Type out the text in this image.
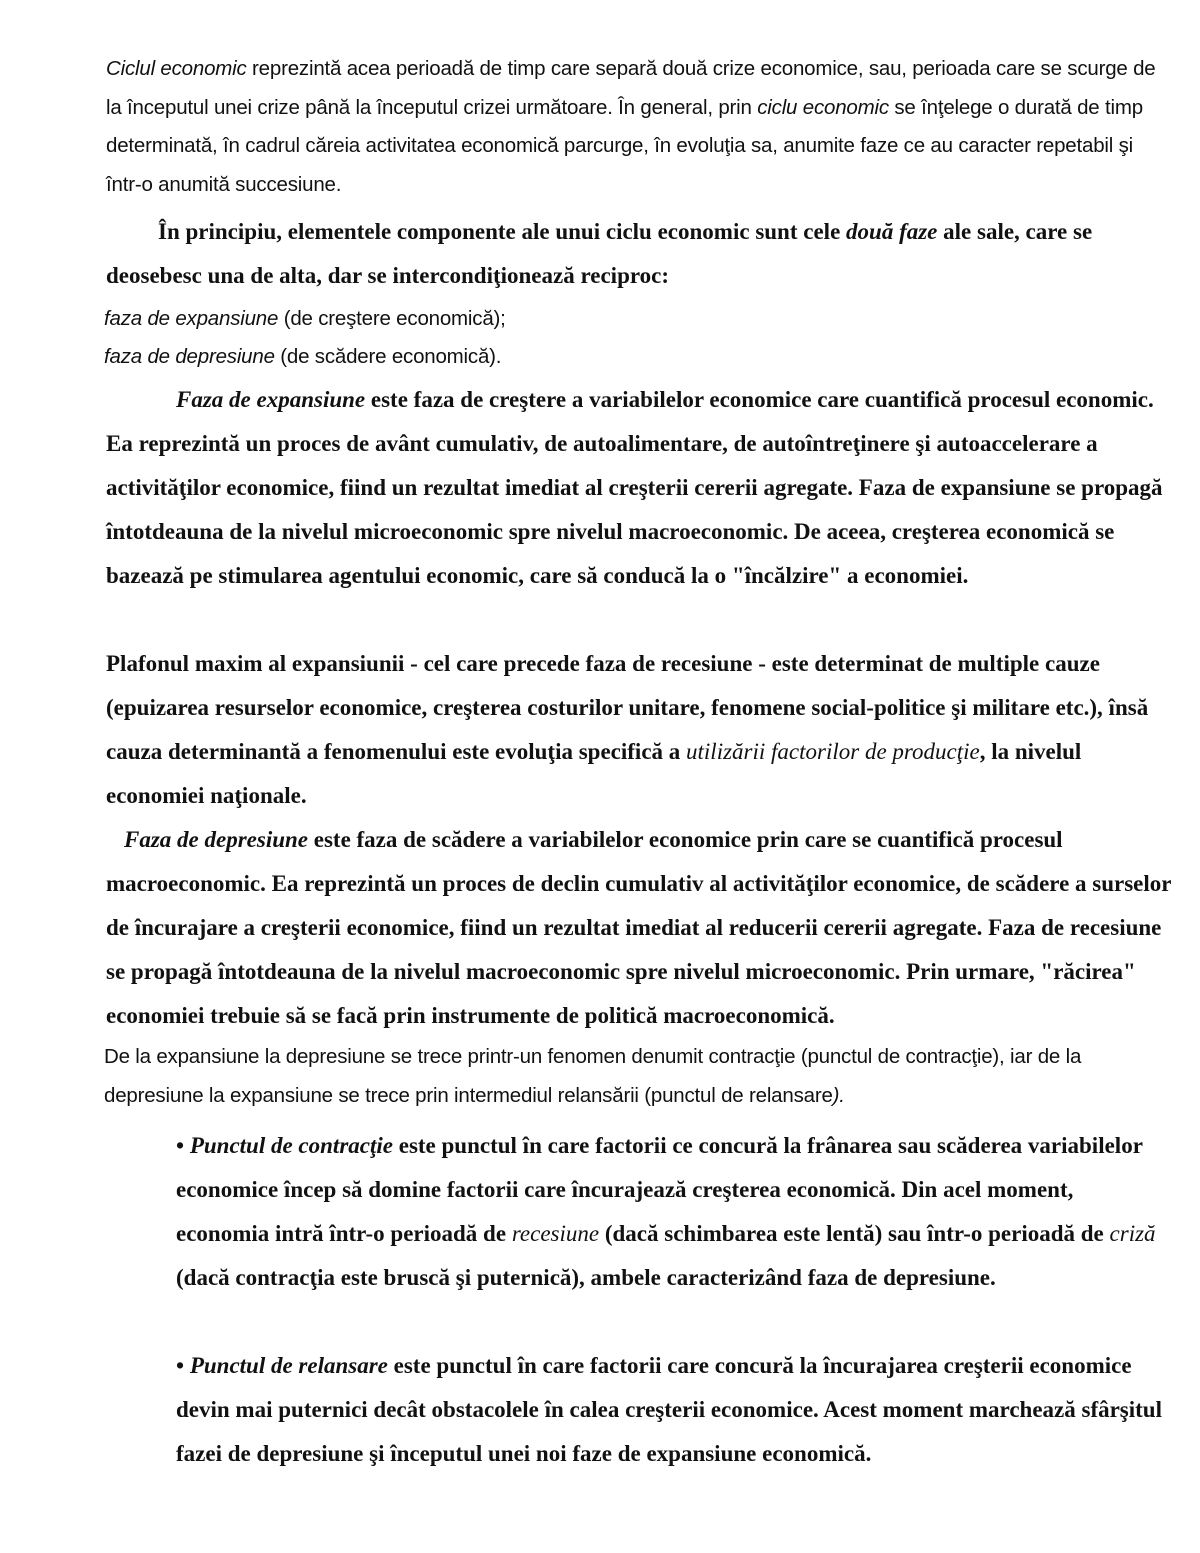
Ciclul economic reprezintă acea perioadă de timp care separă două crize economice, sau, perioada care se scurge de la începutul unei crize până la începutul crizei următoare. În general, prin ciclu economic se înţelege o durată de timp determinată, în cadrul căreia activitatea economică parcurge, în evoluţia sa, anumite faze ce au caracter repetabil şi într-o anumită succesiune.

În principiu, elementele componente ale unui ciclu economic sunt cele două faze ale sale, care se deosebesc una de alta, dar se intercondiţionează reciproc:

faza de expansiune (de creştere economică);

faza de depresiune (de scădere economică).

Faza de expansiune este faza de creştere a variabilelor economice care cuantifică procesul economic. Ea reprezintă un proces de avânt cumulativ, de autoalimentare, de autoîntreţinere şi autoaccelerare a activităţilor economice, fiind un rezultat imediat al creşterii cererii agregate. Faza de expansiune se propagă întotdeauna de la nivelul microeconomic spre nivelul macroeconomic. De aceea, creşterea economică se bazează pe stimularea agentului economic, care să conducă la o "încălzire" a economiei.

Plafonul maxim al expansiunii - cel care precede faza de recesiune - este determinat de multiple cauze (epuizarea resurselor economice, creşterea costurilor unitare, fenomene social-politice şi militare etc.), însă cauza determinantă a fenomenului este evoluţia specifică a utilizării factorilor de producţie, la nivelul economiei naţionale.

Faza de depresiune este faza de scădere a variabilelor economice prin care se cuantifică procesul macroeconomic. Ea reprezintă un proces de declin cumulativ al activităţilor economice, de scădere a surselor de încurajare a creşterii economice, fiind un rezultat imediat al reducerii cererii agregate. Faza de recesiune se propagă întotdeauna de la nivelul macroeconomic spre nivelul microeconomic. Prin urmare, "răcirea" economiei trebuie să se facă prin instrumente de politică macroeconomică.

De la expansiune la depresiune se trece printr-un fenomen denumit contracţie (punctul de contracţie), iar de la depresiune la expansiune se trece prin intermediul relansării (punctul de relansare).

• Punctul de contracţie este punctul în care factorii ce concură la frânarea sau scăderea variabilelor economice încep să domine factorii care încurajează creşterea economică. Din acel moment, economia intră într-o perioadă de recesiune (dacă schimbarea este lentă) sau într-o perioadă de criză (dacă contracţia este bruscă şi puternică), ambele caracterizând faza de depresiune.

• Punctul de relansare este punctul în care factorii care concură la încurajarea creşterii economice devin mai puternici decât obstacolele în calea creşterii economice. Acest moment marchează sfârşitul fazei de depresiune şi începutul unei noi faze de expansiune economică.
